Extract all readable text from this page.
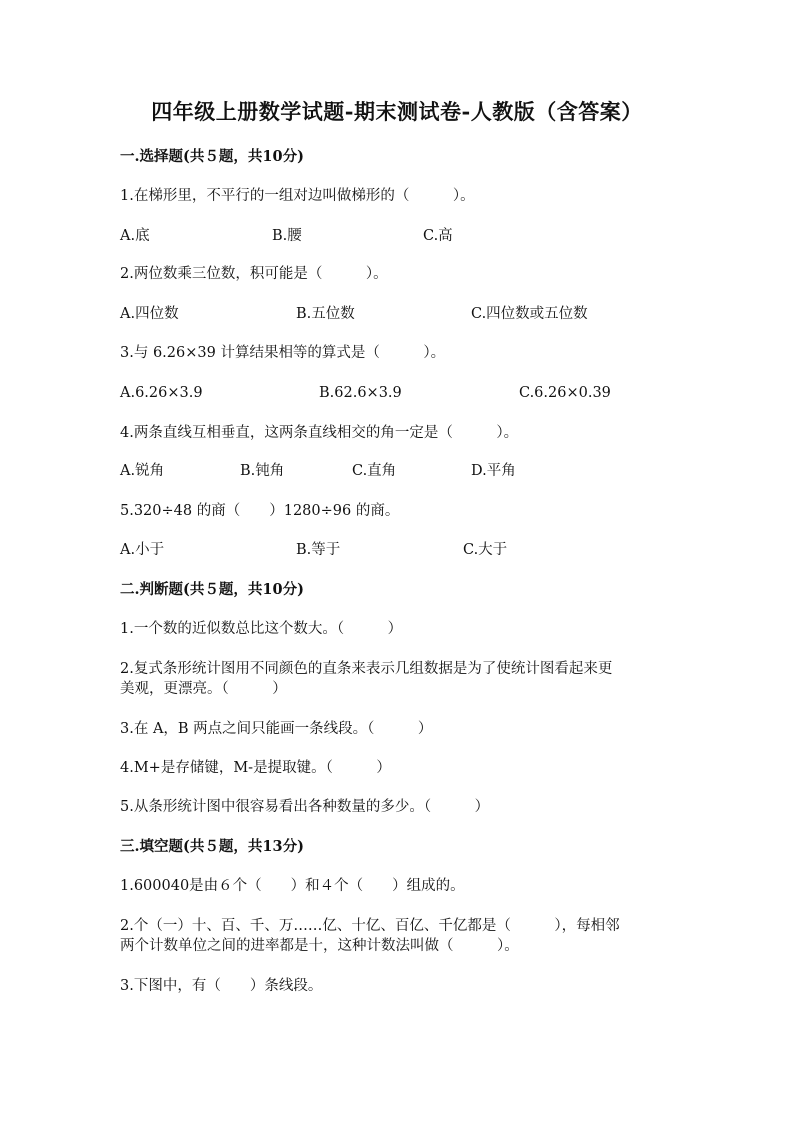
四年级上册数学试题-期末测试卷-人教版（含答案）
一.选择题(共５题，共10分)
1.在梯形里，不平行的一组对边叫做梯形的（　　　）。
A.底	B.腰	C.高
2.两位数乘三位数，积可能是（　　　）。
A.四位数	B.五位数	C.四位数或五位数
3.与 6.26×39 计算结果相等的算式是（　　　）。
A.6.26×3.9	B.62.6×3.9	C.6.26×0.39
4.两条直线互相垂直，这两条直线相交的角一定是（　　　）。
A.锐角	B.钝角	C.直角	D.平角
5.320÷48 的商（　　）1280÷96 的商。
A.小于	B.等于	C.大于
二.判断题(共５题，共10分)
1.一个数的近似数总比这个数大。（　　　）
2.复式条形统计图用不同颜色的直条来表示几组数据是为了使统计图看起来更
美观，更漂亮。（　　　）
3.在 A，B 两点之间只能画一条线段。（　　　）
4.M+是存储键，M-是提取键。（　　　）
5.从条形统计图中很容易看出各种数量的多少。（　　　）
三.填空题(共５题，共13分)
1.600040是由６个（　　）和４个（　　）组成的。
2.个（一）十、百、千、万……亿、十亿、百亿、千亿都是（　　　），每相邻
两个计数单位之间的进率都是十，这种计数法叫做（　　　）。
3.下图中，有（　　）条线段。
